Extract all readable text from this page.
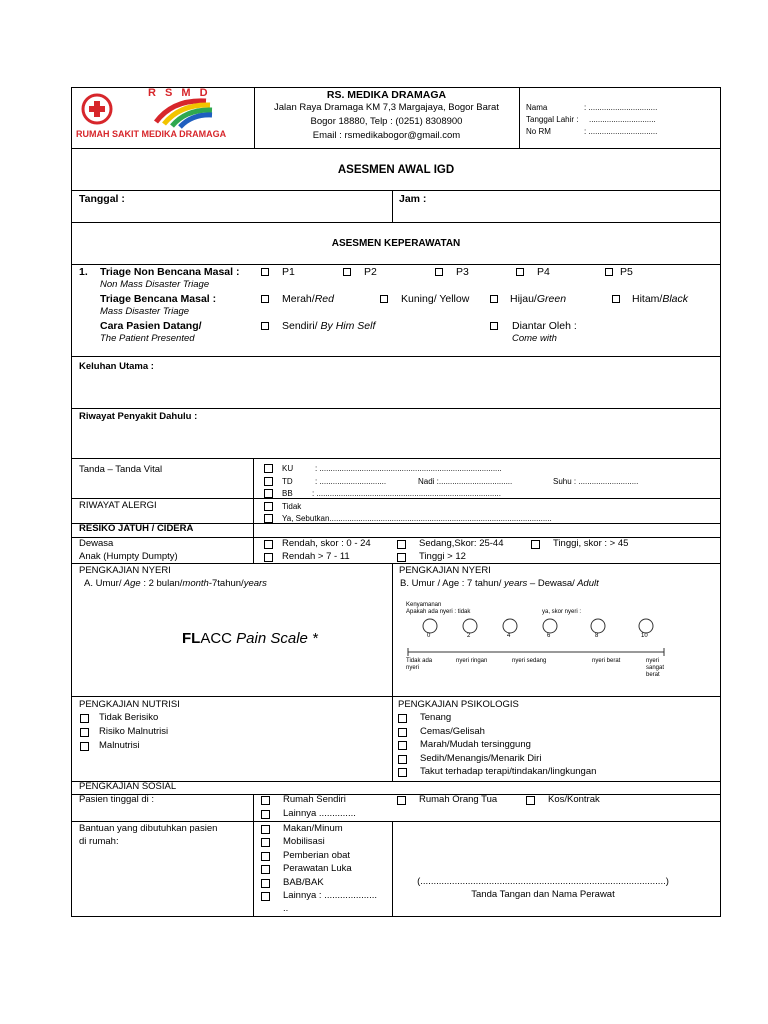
R S M D
RUMAH SAKIT MEDIKA DRAMAGA
RS. MEDIKA DRAMAGA
Jalan Raya Dramaga KM 7,3 Margajaya, Bogor Barat
Bogor 18880, Telp : (0251) 8308900
Email : rsmedikabogor@gmail.com
Nama	: ...............................
Tanggal Lahir : ..............................
No RM	: ...............................
ASESMEN AWAL IGD
Tanggal :	Jam :
ASESMEN KEPERAWATAN
1. Triage Non Bencana Masal :
Non Mass Disaster Triage
P1	P2	P3	P4	P5
Triage Bencana Masal :
Mass Disaster Triage
Merah/Red	Kuning/ Yellow	Hijau/Green	Hitam/Black
Cara Pasien Datang/
The Patient Presented
Sendiri/ By Him Self	Diantar Oleh :
Come with
Keluhan Utama :
Riwayat Penyakit Dahulu :
Tanda – Tanda Vital	KU	: ..................................................................................
TD	: ..............................	Nadi :.................................	Suhu : ...........................
BB : ...................................................................................
RIWAYAT ALERGI	Tidak
Ya, Sebutkan....................................................................................................
RESIKO JATUH / CIDERA
Dewasa
Anak (Humpty Dumpty)
Rendah, skor : 0 - 24	Sedang,Skor: 25-44	Tinggi, skor : > 45
Rendah > 7 - 11	Tinggi > 12
PENGKAJIAN NYERI
A. Umur/ Age : 2 bulan/month-7tahun/years
FLACC Pain Scale *
PENGKAJIAN NYERI
B. Umur / Age : 7 tahun/ years – Dewasa/ Adult
Kenyamanan
Apakah ada nyeri : tidak	ya, skor nyeri :
0	2	4	6	8	10
Tidak ada nyeri
nyeri ringan	nyeri sedang	nyeri berat	nyeri sangat berat
PENGKAJIAN NUTRISI
Tidak Berisiko
Risiko Malnutrisi
Malnutrisi
PENGKAJIAN PSIKOLOGIS
Tenang
Cemas/Gelisah
Marah/Mudah tersinggung
Sedih/Menangis/Menarik Diri
Takut terhadap terapi/tindakan/lingkungan
PENGKAJIAN SOSIAL
Pasien tinggal di :	Rumah Sendiri	Rumah Orang Tua	Kos/Kontrak
Lainnya ..............
Bantuan yang dibutuhkan pasien
di rumah:
Makan/Minum
Mobilisasi
Pemberian obat
Perawatan Luka
BAB/BAK
Lainnya : ....................
..
(.............................................................................................)
Tanda Tangan dan Nama Perawat
